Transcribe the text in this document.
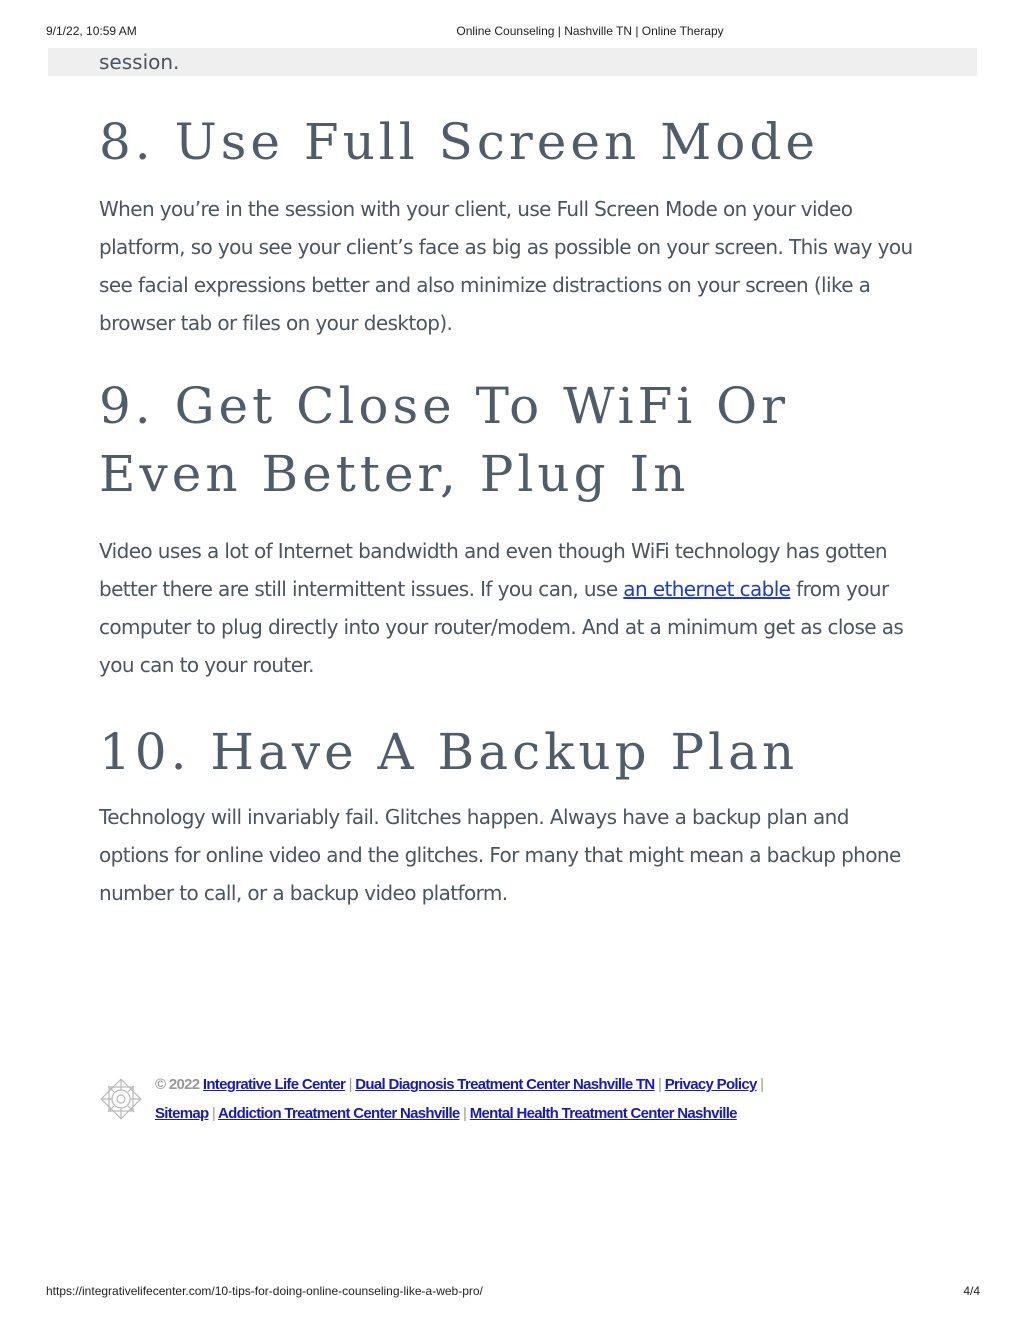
9/1/22, 10:59 AM	Online Counseling | Nashville TN | Online Therapy
session.
8. Use Full Screen Mode

When you’re in the session with your client, use Full Screen Mode on your video platform, so you see your client’s face as big as possible on your screen. This way you see facial expressions better and also minimize distractions on your screen (like a browser tab or files on your desktop).

9. Get Close To WiFi Or Even Better, Plug In

Video uses a lot of Internet bandwidth and even though WiFi technology has gotten better there are still intermittent issues. If you can, use an ethernet cable from your computer to plug directly into your router/modem. And at a minimum get as close as you can to your router.

10. Have A Backup Plan

Technology will invariably fail. Glitches happen. Always have a backup plan and options for online video and the glitches. For many that might mean a backup phone number to call, or a backup video platform.

© 2022 Integrative Life Center | Dual Diagnosis Treatment Center Nashville TN | Privacy Policy |
Sitemap | Addiction Treatment Center Nashville | Mental Health Treatment Center Nashville
https://integrativelifecenter.com/10-tips-for-doing-online-counseling-like-a-web-pro/	4/4
